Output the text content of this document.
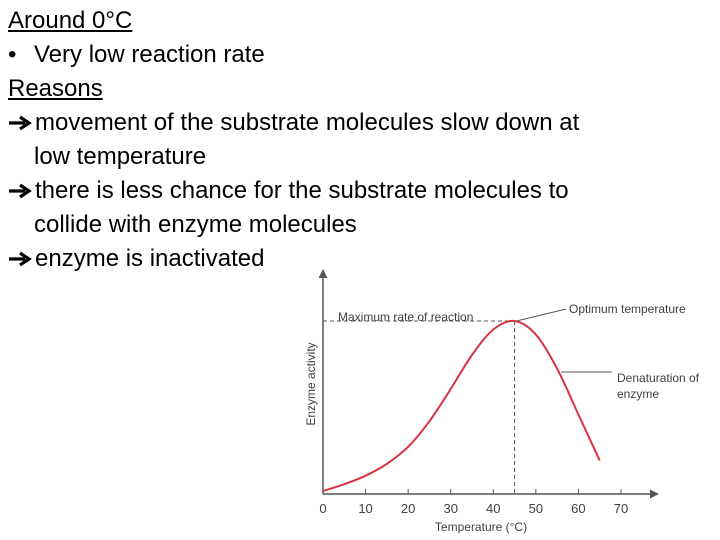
Around 0°C
• Very low reaction rate
Reasons
movement of the substrate molecules slow down at
low temperature
there is less chance for the substrate molecules to
collide with enzyme molecules
enzyme is inactivated
0 10 20 30 40 50 60 70
Maximum rate of reaction
Optimum temperature
Denaturation of
enzyme
Temperature (°C)
Enzyme activity
